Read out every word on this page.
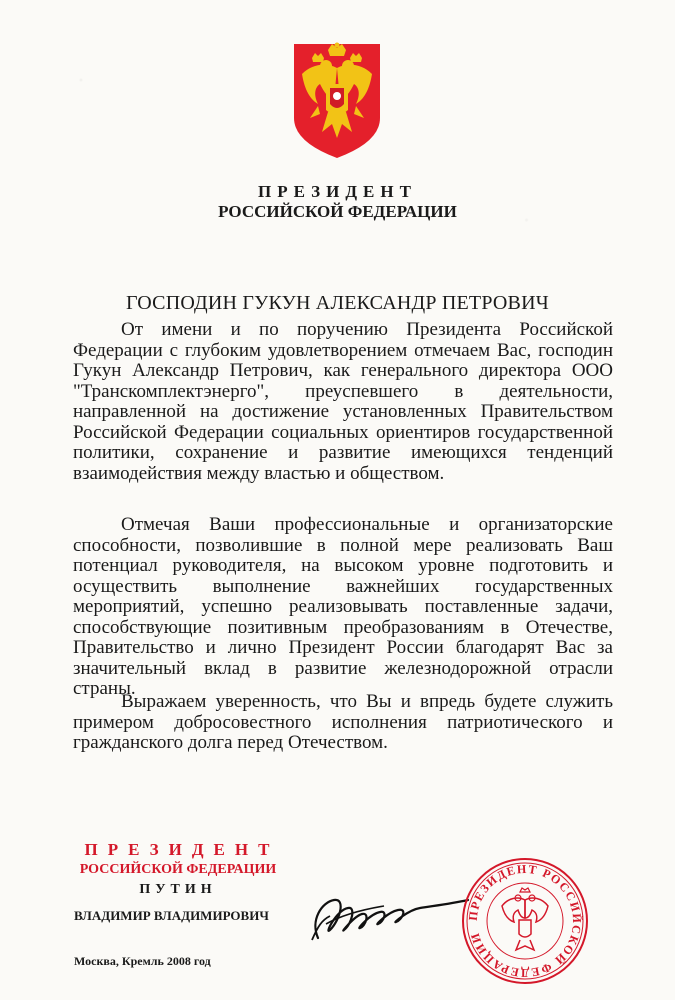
ПРЕЗИДЕНТ
РОССИЙСКОЙ ФЕДЕРАЦИИ
ГОСПОДИН ГУКУН АЛЕКСАНДР ПЕТРОВИЧ

От имени и по поручению Президента Российской Федерации с глубоким удовлетворением отмечаем Вас, господин Гукун Александр Петрович, как генерального директора ООО "Транскомплектэнерго", преуспевшего в деятельности, направленной на достижение установленных Правительством Российской Федерации социальных ориентиров государственной политики, сохранение и развитие имеющихся тенденций взаимодействия между властью и обществом.

Отмечая Ваши профессиональные и организаторские способности, позволившие в полной мере реализовать Ваш потенциал руководителя, на высоком уровне подготовить и осуществить выполнение важнейших государственных мероприятий, успешно реализовывать поставленные задачи, способствующие позитивным преобразованиям в Отечестве, Правительство и лично Президент России благодарят Вас за значительный вклад в развитие железнодорожной отрасли страны.

Выражаем уверенность, что Вы и впредь будете служить примером добросовестного исполнения патриотического и гражданского долга перед Отечеством.

ПРЕЗИДЕНТ
РОССИЙСКОЙ ФЕДЕРАЦИИ
ПУТИН
ВЛАДИМИР ВЛАДИМИРОВИЧ
Москва, Кремль 2008 год
ПРЕЗИДЕНТ РОССИЙСКОЙ ФЕДЕРАЦИИ
